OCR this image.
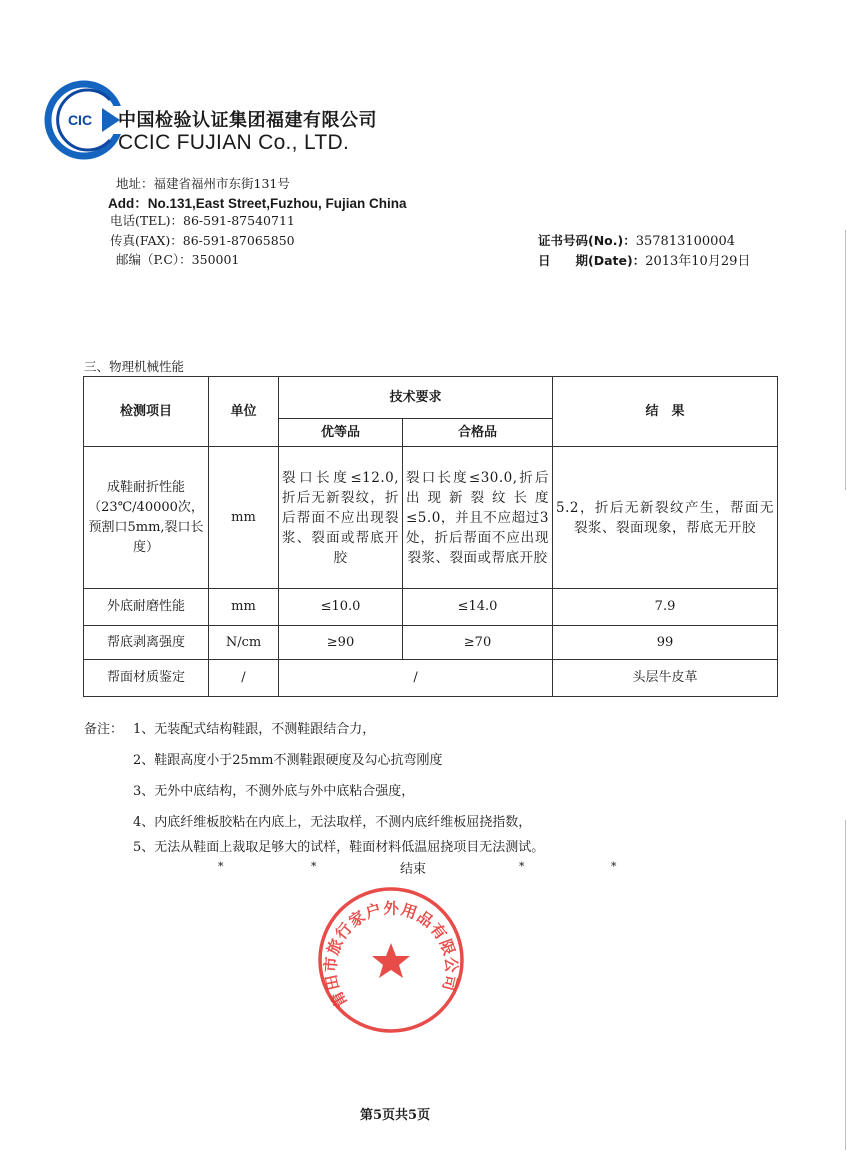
CIC 中国检验认证集团福建有限公司
CCIC FUJIAN Co., LTD.
地址：福建省福州市东街131号
Add：No.131,East Street,Fuzhou, Fujian China
电话(TEL)：86-591-87540711
传真(FAX)：86-591-87065850
邮编（P.C）：350001
证书号码(No.)：357813100004
日　　期(Date)：2013年10月29日
三、物理机械性能
检测项目	单位	技术要求		结　果
		优等品	合格品	
成鞋耐折性能（23℃/40000次，预割口5mm,裂口长度）	mm	裂口长度≤12.0,折后无新裂纹，折后帮面不应出现裂浆、裂面或帮底开胶	裂口长度≤30.0,折后出现新裂纹长度≤5.0，并且不应超过3处，折后帮面不应出现裂浆、裂面或帮底开胶	5.2，折后无新裂纹产生，帮面无裂浆、裂面现象，帮底无开胶
外底耐磨性能	mm	≤10.0	≤14.0	7.9
帮底剥离强度	N/cm	≥90	≥70	99
帮面材质鉴定	/	/		头层牛皮革
备注： 1、无装配式结构鞋跟，不测鞋跟结合力，
2、鞋跟高度小于25mm不测鞋跟硬度及勾心抗弯刚度
3、无外中底结构，不测外底与外中底粘合强度，
4、内底纤维板胶粘在内底上，无法取样，不测内底纤维板屈挠指数，
5、无法从鞋面上裁取足够大的试样，鞋面材料低温屈挠项目无法测试。
*	*	结束	*	*
莆田市旅行家户外用品有限公司
第5页共5页
